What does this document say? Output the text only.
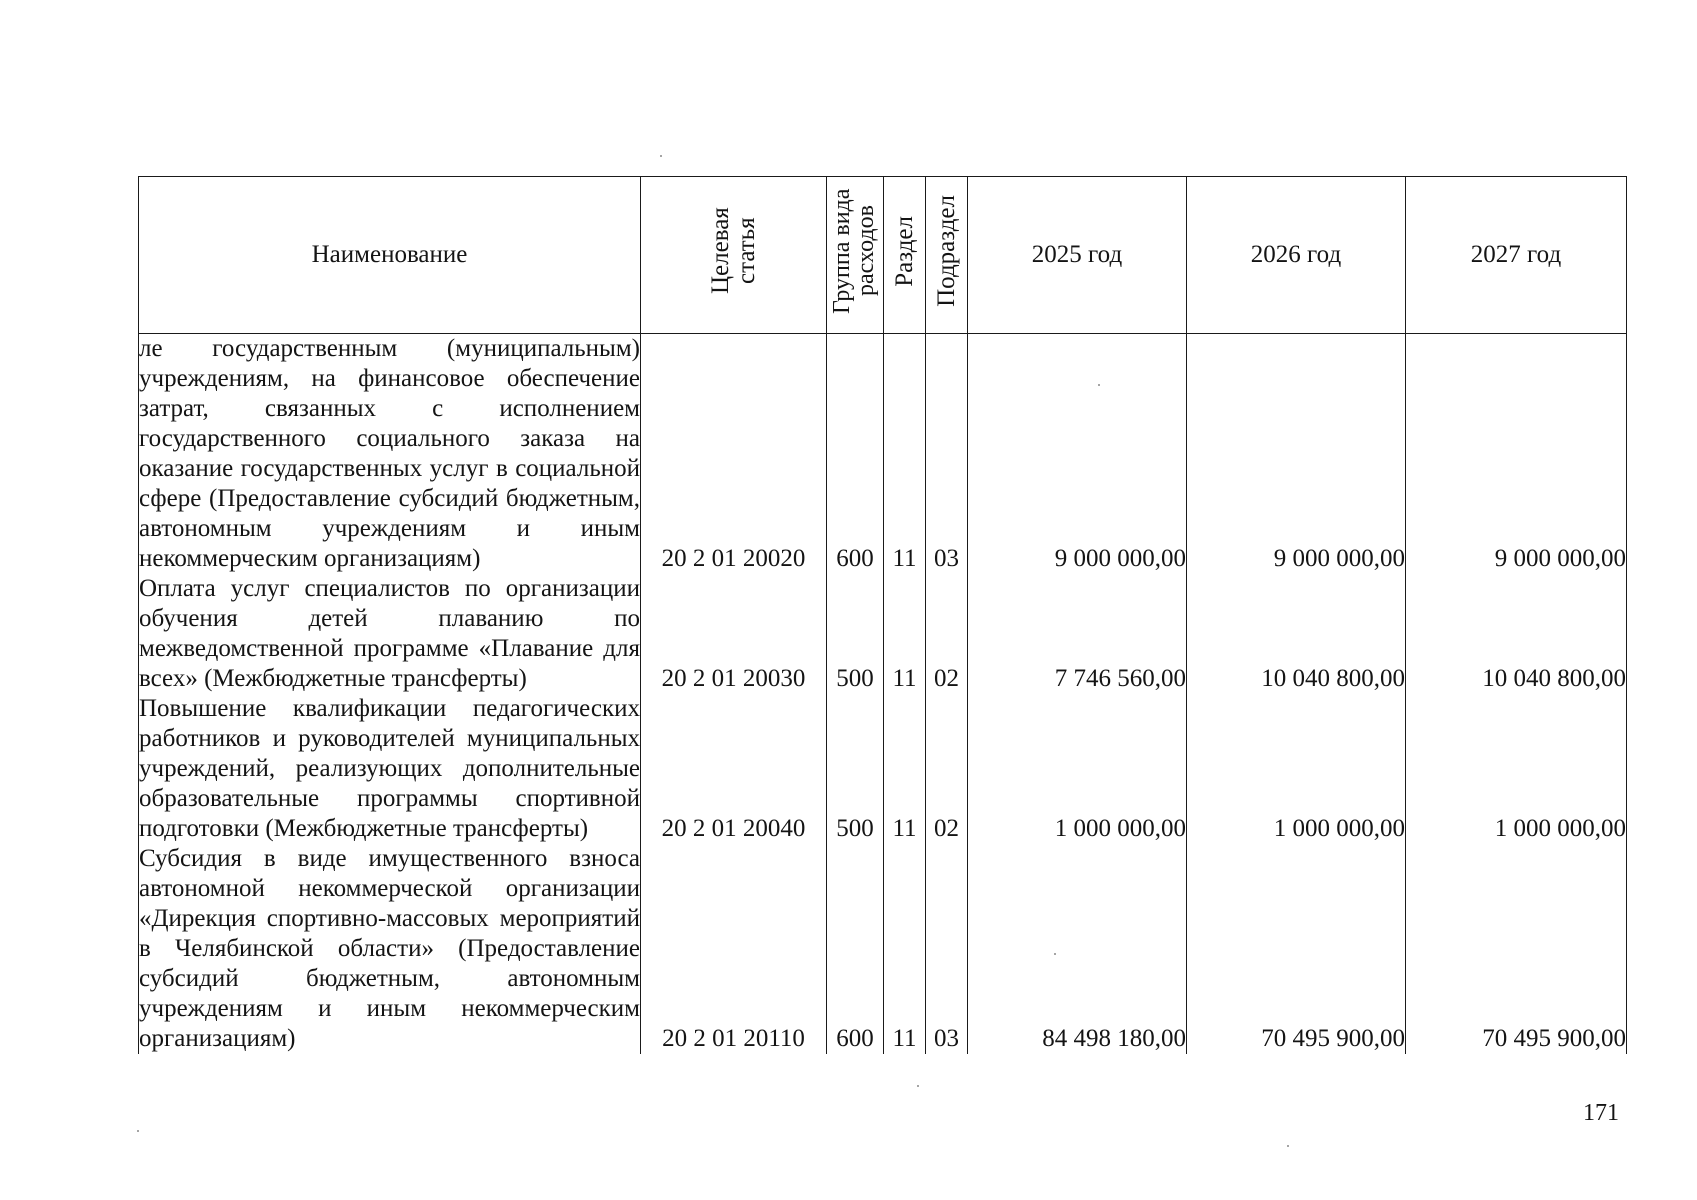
Наименование	Целевая статья	Группа вида расходов	Раздел	Подраздел	2025 год	2026 год	2027 год
ле государственным (муниципальным) учреждениям, на финансовое обеспечение затрат, связанных с исполнением государственного социального заказа на оказание государственных услуг в социальной сфере (Предоставление субсидий бюджетным, автономным учреждениям и иным некоммерческим организациям)	20 2 01 20020	600	11	03	9 000 000,00	9 000 000,00	9 000 000,00
Оплата услуг специалистов по организации обучения детей плаванию по межведомственной программе «Плавание для всех» (Межбюджетные трансферты)	20 2 01 20030	500	11	02	7 746 560,00	10 040 800,00	10 040 800,00
Повышение квалификации педагогических работников и руководителей муниципальных учреждений, реализующих дополнительные образовательные программы спортивной подготовки (Межбюджетные трансферты)	20 2 01 20040	500	11	02	1 000 000,00	1 000 000,00	1 000 000,00
Субсидия в виде имущественного взноса автономной некоммерческой организации «Дирекция спортивно-массовых мероприятий в Челябинской области» (Предоставление субсидий бюджетным, автономным учреждениям и иным некоммерческим организациям)	20 2 01 20110	600	11	03	84 498 180,00	70 495 900,00	70 495 900,00
171
